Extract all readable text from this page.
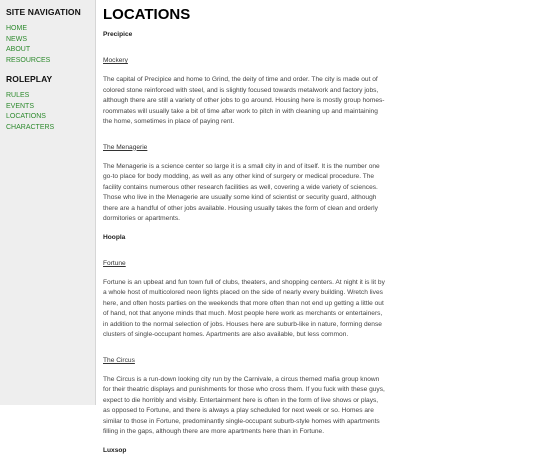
SITE NAVIGATION
HOME
NEWS
ABOUT
RESOURCES
ROLEPLAY
RULES
EVENTS
LOCATIONS
CHARACTERS
LOCATIONS
Precipice
Mockery

The capital of Precipice and home to Grind, the deity of time and order. The city is made out of colored stone reinforced with steel, and is slightly focused towards metalwork and factory jobs, although there are still a variety of other jobs to go around. Housing here is mostly group homes- roommates will usually take a bit of time after work to pitch in with cleaning up and maintaining the home, sometimes in place of paying rent.

The Menagerie

The Menagerie is a science center so large it is a small city in and of itself. It is the number one go-to place for body modding, as well as any other kind of surgery or medical procedure. The facility contains numerous other research facilities as well, covering a wide variety of sciences. Those who live in the Menagerie are usually some kind of scientist or security guard, although there are a handful of other jobs available. Housing usually takes the form of clean and orderly dormitories or apartments.

Hoopla
Fortune

Fortune is an upbeat and fun town full of clubs, theaters, and shopping centers. At night it is lit by a whole host of multicolored neon lights placed on the side of nearly every building. Wretch lives here, and often hosts parties on the weekends that more often than not end up getting a little out of hand, not that anyone minds that much. Most people here work as merchants or entertainers, in addition to the normal selection of jobs. Houses here are suburb-like in nature, forming dense clusters of single-occupant homes. Apartments are also available, but less common.

The Circus

The Circus is a run-down looking city run by the Carnivale, a circus themed mafia group known for their theatric displays and punishments for those who cross them. If you fuck with these guys, expect to die horribly and visibly. Entertainment here is often in the form of live shows or plays, as opposed to Fortune, and there is always a play scheduled for next week or so. Homes are similar to those in Fortune, predominantly single-occupant suburb-style homes with apartments filling in the gaps, although there are more apartments here than in Fortune.

Luxsop
